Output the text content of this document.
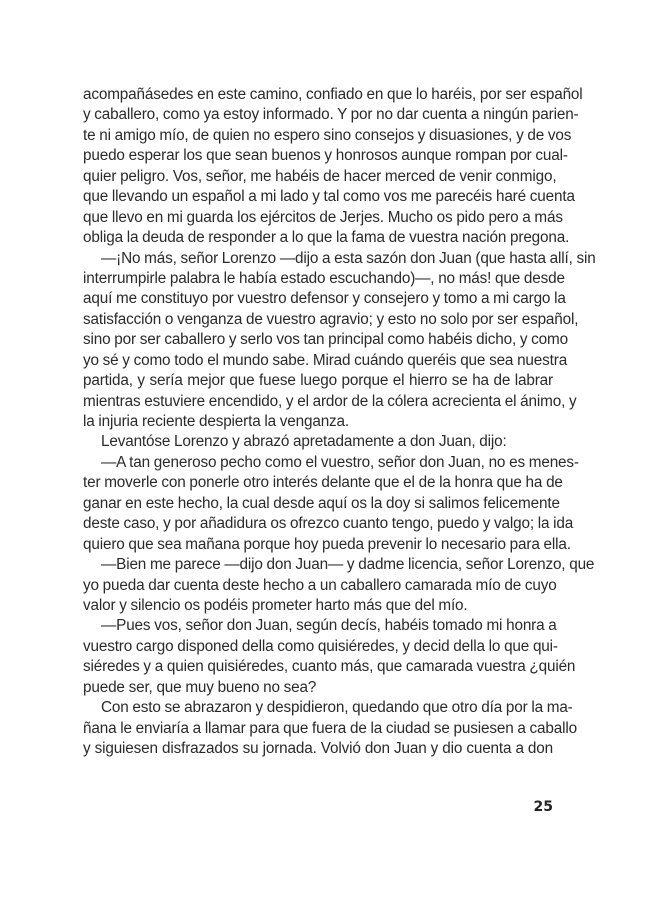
acompañásedes en este camino, confiado en que lo haréis, por ser español
y caballero, como ya estoy informado. Y por no dar cuenta a ningún parien-
te ni amigo mío, de quien no espero sino consejos y disuasiones, y de vos
puedo esperar los que sean buenos y honrosos aunque rompan por cual-
quier peligro. Vos, señor, me habéis de hacer merced de venir conmigo,
que llevando un español a mi lado y tal como vos me parecéis haré cuenta
que llevo en mi guarda los ejércitos de Jerjes. Mucho os pido pero a más
obliga la deuda de responder a lo que la fama de vuestra nación pregona.
—¡No más, señor Lorenzo —dijo a esta sazón don Juan (que hasta allí, sin
interrumpirle palabra le había estado escuchando)—, no más! que desde
aquí me constituyo por vuestro defensor y consejero y tomo a mi cargo la
satisfacción o venganza de vuestro agravio; y esto no solo por ser español,
sino por ser caballero y serlo vos tan principal como habéis dicho, y como
yo sé y como todo el mundo sabe. Mirad cuándo queréis que sea nuestra
partida, y sería mejor que fuese luego porque el hierro se ha de labrar
mientras estuviere encendido, y el ardor de la cólera acrecienta el ánimo, y
la injuria reciente despierta la venganza.
Levantóse Lorenzo y abrazó apretadamente a don Juan, dijo:
—A tan generoso pecho como el vuestro, señor don Juan, no es menes-
ter moverle con ponerle otro interés delante que el de la honra que ha de
ganar en este hecho, la cual desde aquí os la doy si salimos felicemente
deste caso, y por añadidura os ofrezco cuanto tengo, puedo y valgo; la ida
quiero que sea mañana porque hoy pueda prevenir lo necesario para ella.
—Bien me parece —dijo don Juan— y dadme licencia, señor Lorenzo, que
yo pueda dar cuenta deste hecho a un caballero camarada mío de cuyo
valor y silencio os podéis prometer harto más que del mío.
—Pues vos, señor don Juan, según decís, habéis tomado mi honra a
vuestro cargo disponed della como quisiéredes, y decid della lo que qui-
siéredes y a quien quisiéredes, cuanto más, que camarada vuestra ¿quién
puede ser, que muy bueno no sea?
Con esto se abrazaron y despidieron, quedando que otro día por la ma-
ñana le enviaría a llamar para que fuera de la ciudad se pusiesen a caballo
y siguiesen disfrazados su jornada. Volvió don Juan y dio cuenta a don
25
